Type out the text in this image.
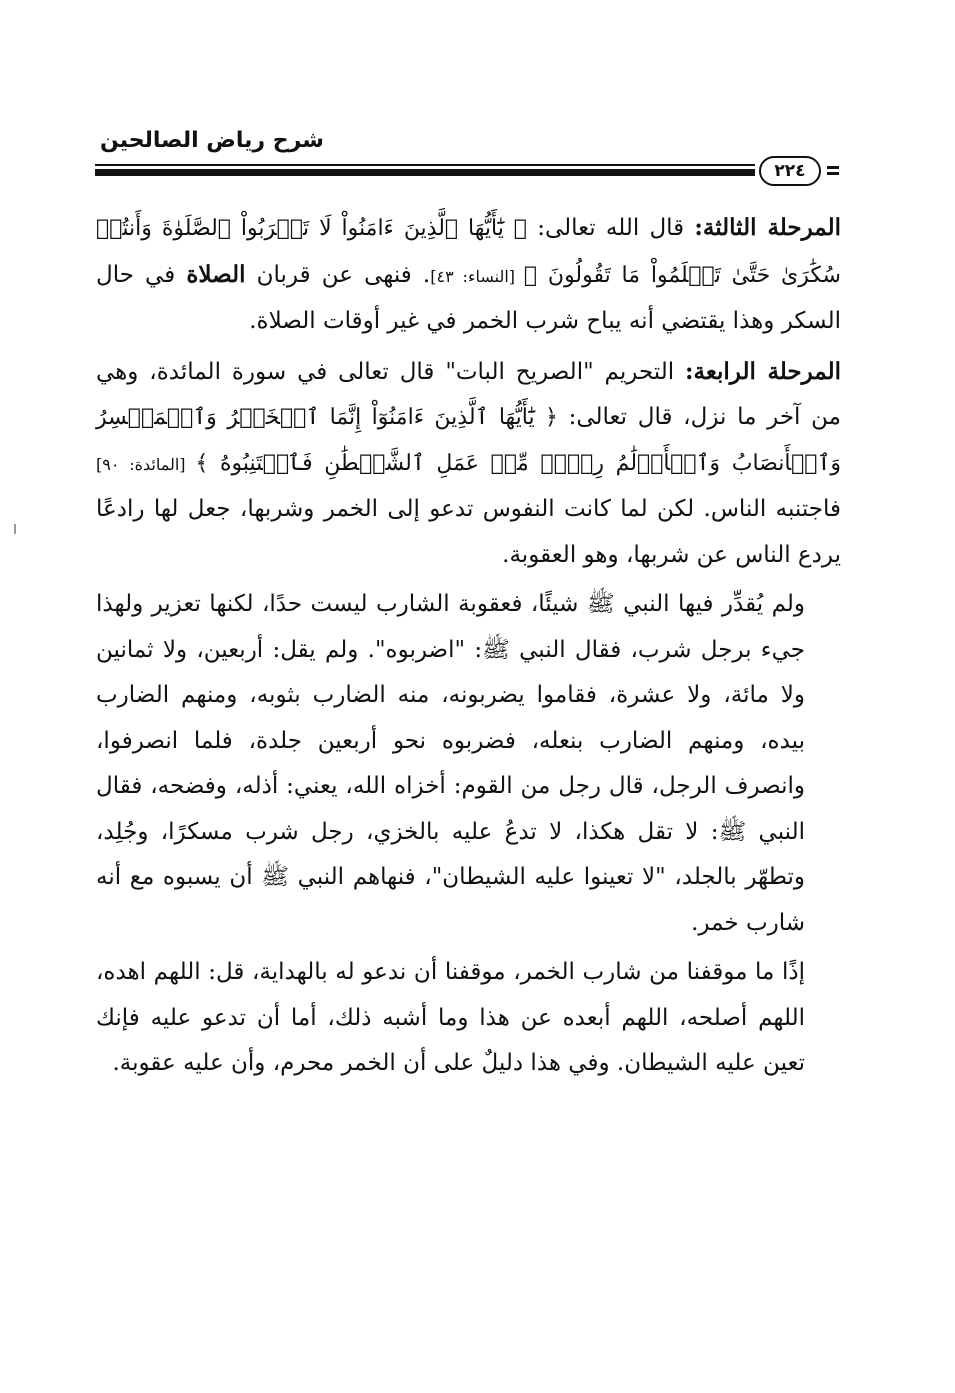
شرح رياض الصالحين
٢٢٤

المرحلة الثالثة: قال الله تعالى: ﴿ يَٰٓأَيُّهَا ٱلَّذِينَ ءَامَنُواْ لَا تَقۡرَبُواْ ٱلصَّلَوٰةَ وَأَنتُمۡ سُكَٰرَىٰ حَتَّىٰ تَعۡلَمُواْ مَا تَقُولُونَ ﴾ [النساء: ٤٣]. فنهى عن قربان الصلاة في حال السكر وهذا يقتضي أنه يباح شرب الخمر في غير أوقات الصلاة.

المرحلة الرابعة: التحريم "الصريح البات" قال تعالى في سورة المائدة، وهي من آخر ما نزل، قال تعالى: ﴿ يَٰٓأَيُّهَا ٱلَّذِينَ ءَامَنُوٓاْ إِنَّمَا ٱلۡخَمۡرُ وَٱلۡمَيۡسِرُ وَٱلۡأَنصَابُ وَٱلۡأَزۡلَٰمُ رِجۡسٞ مِّنۡ عَمَلِ ٱلشَّيۡطَٰنِ فَٱجۡتَنِبُوهُ ﴾ [المائدة: ٩٠] فاجتنبه الناس. لكن لما كانت النفوس تدعو إلى الخمر وشربها، جعل لها رادعًا يردع الناس عن شربها، وهو العقوبة.

ولم يُقدِّر فيها النبي ﷺ شيئًا، فعقوبة الشارب ليست حدًا، لكنها تعزير ولهذا جيء برجل شرب، فقال النبي ﷺ: "اضربوه". ولم يقل: أربعين، ولا ثمانين ولا مائة، ولا عشرة، فقاموا يضربونه، منه الضارب بثوبه، ومنهم الضارب بيده، ومنهم الضارب بنعله، فضربوه نحو أربعين جلدة، فلما انصرفوا، وانصرف الرجل، قال رجل من القوم: أخزاه الله، يعني: أذله، وفضحه، فقال النبي ﷺ: لا تقل هكذا، لا تدعُ عليه بالخزي، رجل شرب مسكرًا، وجُلِد، وتطهّر بالجلد، "لا تعينوا عليه الشيطان"، فنهاهم النبي ﷺ أن يسبوه مع أنه شارب خمر.

إذًا ما موقفنا من شارب الخمر، موقفنا أن ندعو له بالهداية، قل: اللهم اهده، اللهم أصلحه، اللهم أبعده عن هذا وما أشبه ذلك، أما أن تدعو عليه فإنك تعين عليه الشيطان. وفي هذا دليلٌ على أن الخمر محرم، وأن عليه عقوبة.
